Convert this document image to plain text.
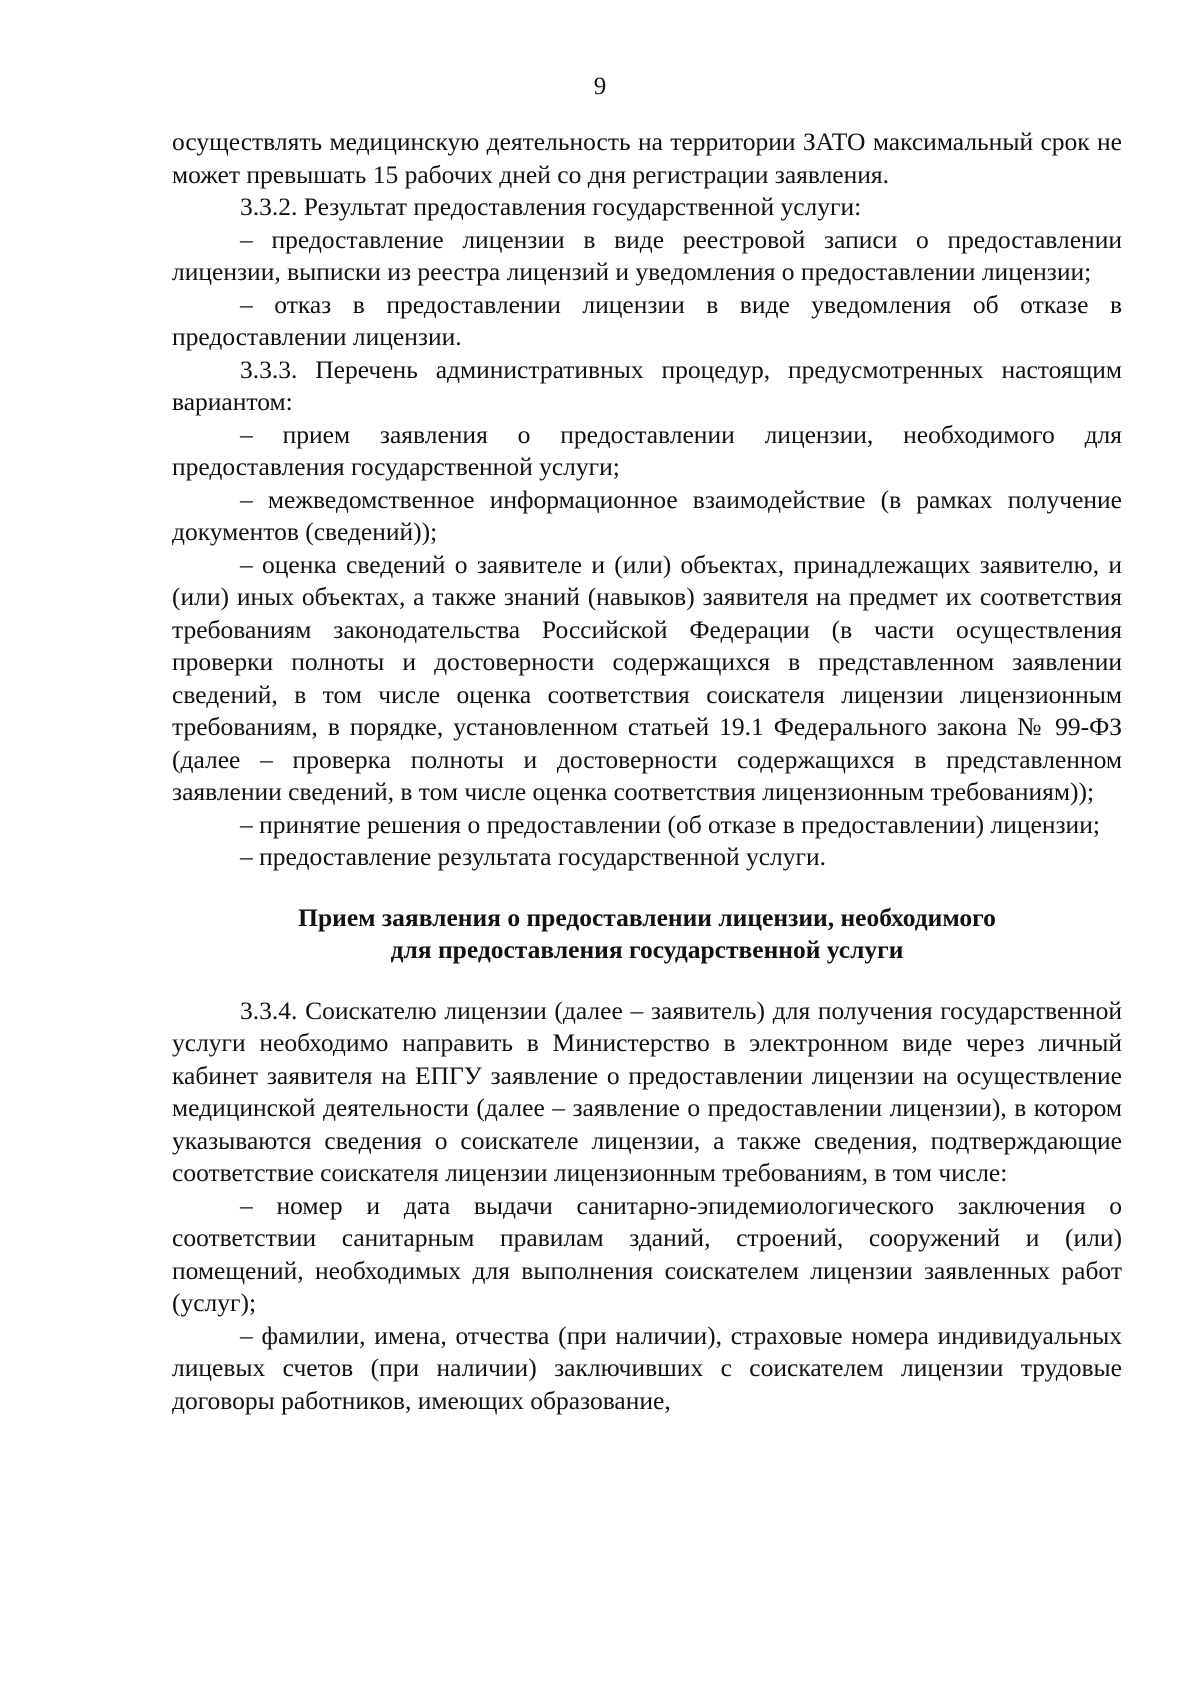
9

осуществлять медицинскую деятельность на территории ЗАТО максимальный срок не может превышать 15 рабочих дней со дня регистрации заявления.

3.3.2. Результат предоставления государственной услуги:

– предоставление лицензии в виде реестровой записи о предоставлении лицензии, выписки из реестра лицензий и уведомления о предоставлении лицензии;

– отказ в предоставлении лицензии в виде уведомления об отказе в предоставлении лицензии.

3.3.3. Перечень административных процедур, предусмотренных настоящим вариантом:

– прием заявления о предоставлении лицензии, необходимого для предоставления государственной услуги;

– межведомственное информационное взаимодействие (в рамках получение документов (сведений));

– оценка сведений о заявителе и (или) объектах, принадлежащих заявителю, и (или) иных объектах, а также знаний (навыков) заявителя на предмет их соответствия требованиям законодательства Российской Федерации (в части осуществления проверки полноты и достоверности содержащихся в представленном заявлении сведений, в том числе оценка соответствия соискателя лицензии лицензионным требованиям, в порядке, установленном статьей 19.1 Федерального закона № 99-ФЗ (далее – проверка полноты и достоверности содержащихся в представленном заявлении сведений, в том числе оценка соответствия лицензионным требованиям));

– принятие решения о предоставлении (об отказе в предоставлении) лицензии;

– предоставление результата государственной услуги.

Прием заявления о предоставлении лицензии, необходимого
для предоставления государственной услуги

3.3.4. Соискателю лицензии (далее – заявитель) для получения государственной услуги необходимо направить в Министерство в электронном виде через личный кабинет заявителя на ЕПГУ заявление о предоставлении лицензии на осуществление медицинской деятельности (далее – заявление о предоставлении лицензии), в котором указываются сведения о соискателе лицензии, а также сведения, подтверждающие соответствие соискателя лицензии лицензионным требованиям, в том числе:

– номер и дата выдачи санитарно-эпидемиологического заключения о соответствии санитарным правилам зданий, строений, сооружений и (или) помещений, необходимых для выполнения соискателем лицензии заявленных работ (услуг);

– фамилии, имена, отчества (при наличии), страховые номера индивидуальных лицевых счетов (при наличии) заключивших с соискателем лицензии трудовые договоры работников, имеющих образование,
